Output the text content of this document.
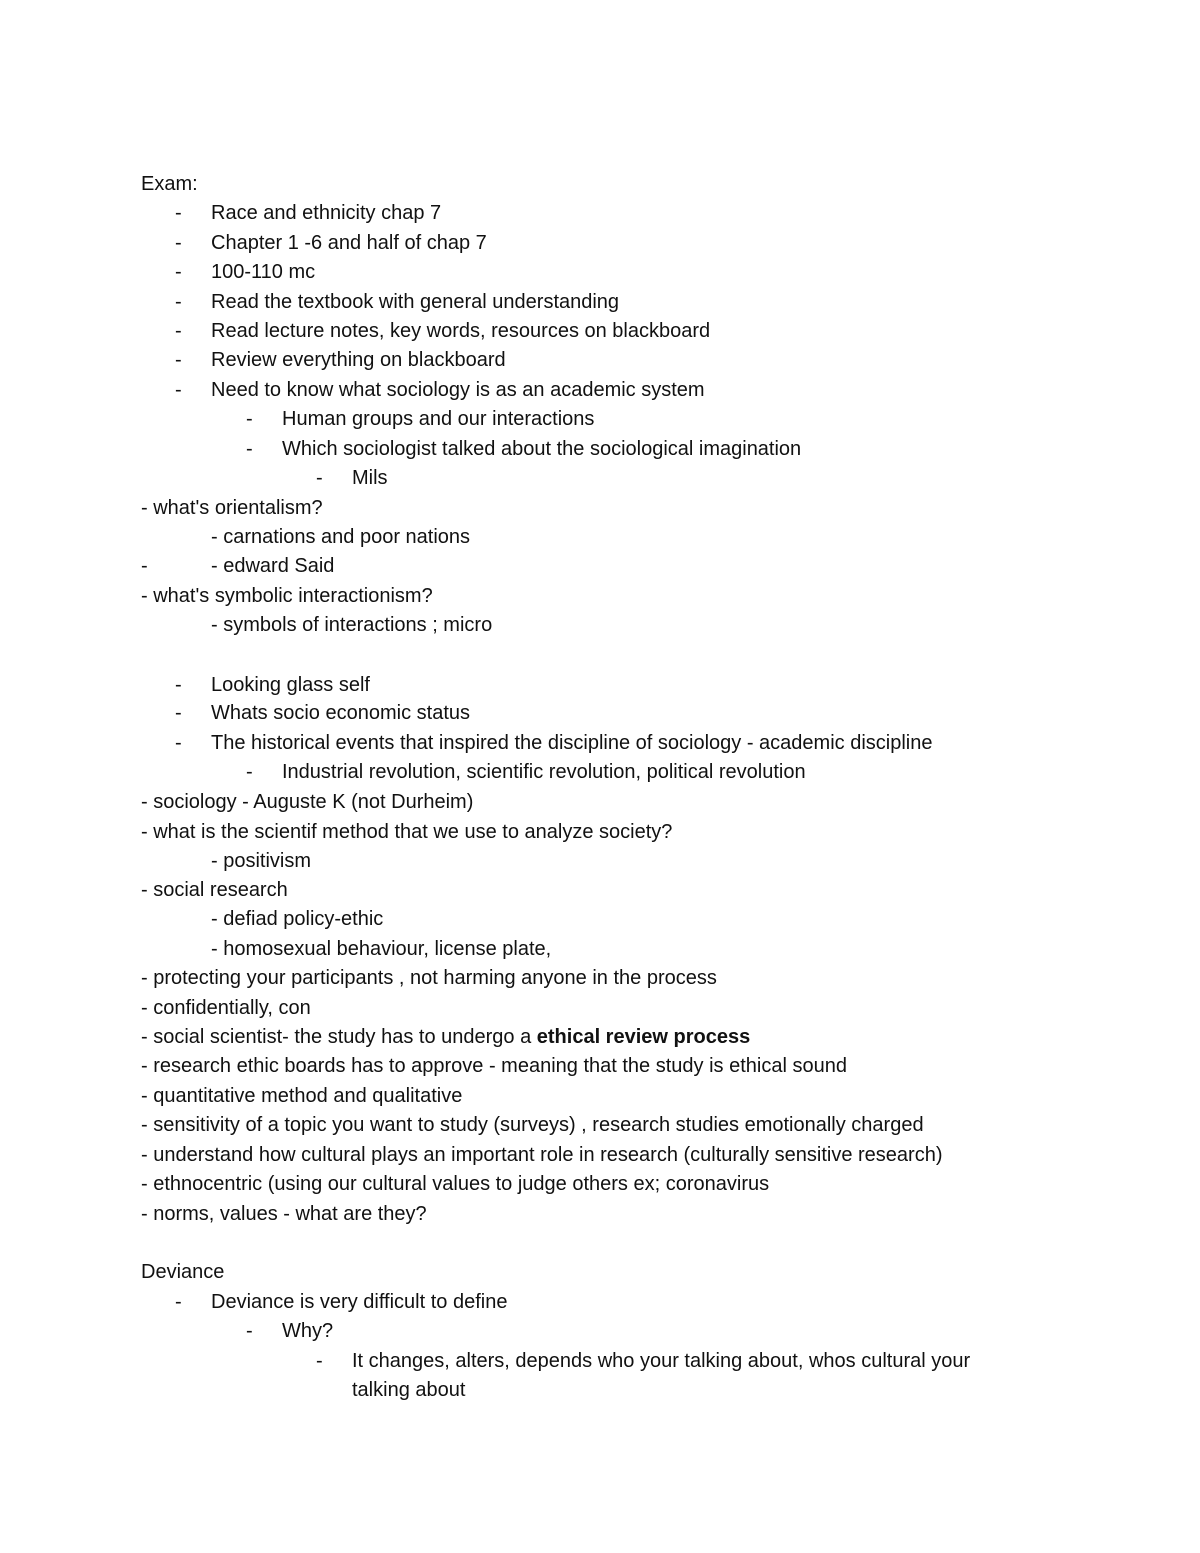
Exam:
- Race and ethnicity chap 7
- Chapter 1 -6 and half of chap 7
- 100-110 mc
- Read the textbook with general understanding
- Read lecture notes, key words, resources on blackboard
- Review everything on blackboard
- Need to know what sociology is as an academic system
- Human groups and our interactions
- Which sociologist talked about the sociological imagination
- Mils
- what's orientalism?
- carnations and poor nations
-	- edward Said
- what's symbolic interactionism?
- symbols of interactions ; micro
- Looking glass self
- Whats socio economic status
- The historical events that inspired the discipline of sociology - academic discipline
- Industrial revolution, scientific revolution, political revolution
- sociology - Auguste K (not Durheim)
- what is the scientif method that we use to analyze society?
- positivism
- social research
- defiad policy-ethic
- homosexual behaviour, license plate,
- protecting your participants , not harming anyone in the process
- confidentially, con
- social scientist- the study has to undergo a ethical review process
- research ethic boards has to approve - meaning that the study is ethical sound
- quantitative method and qualitative
- sensitivity of a topic you want to study (surveys) , research studies emotionally charged
- understand how cultural plays an important role in research (culturally sensitive research)
- ethnocentric (using our cultural values to judge others ex; coronavirus
- norms, values - what are they?
Deviance
- Deviance is very difficult to define
- Why?
- It changes, alters, depends who your talking about, whos cultural your
talking about
